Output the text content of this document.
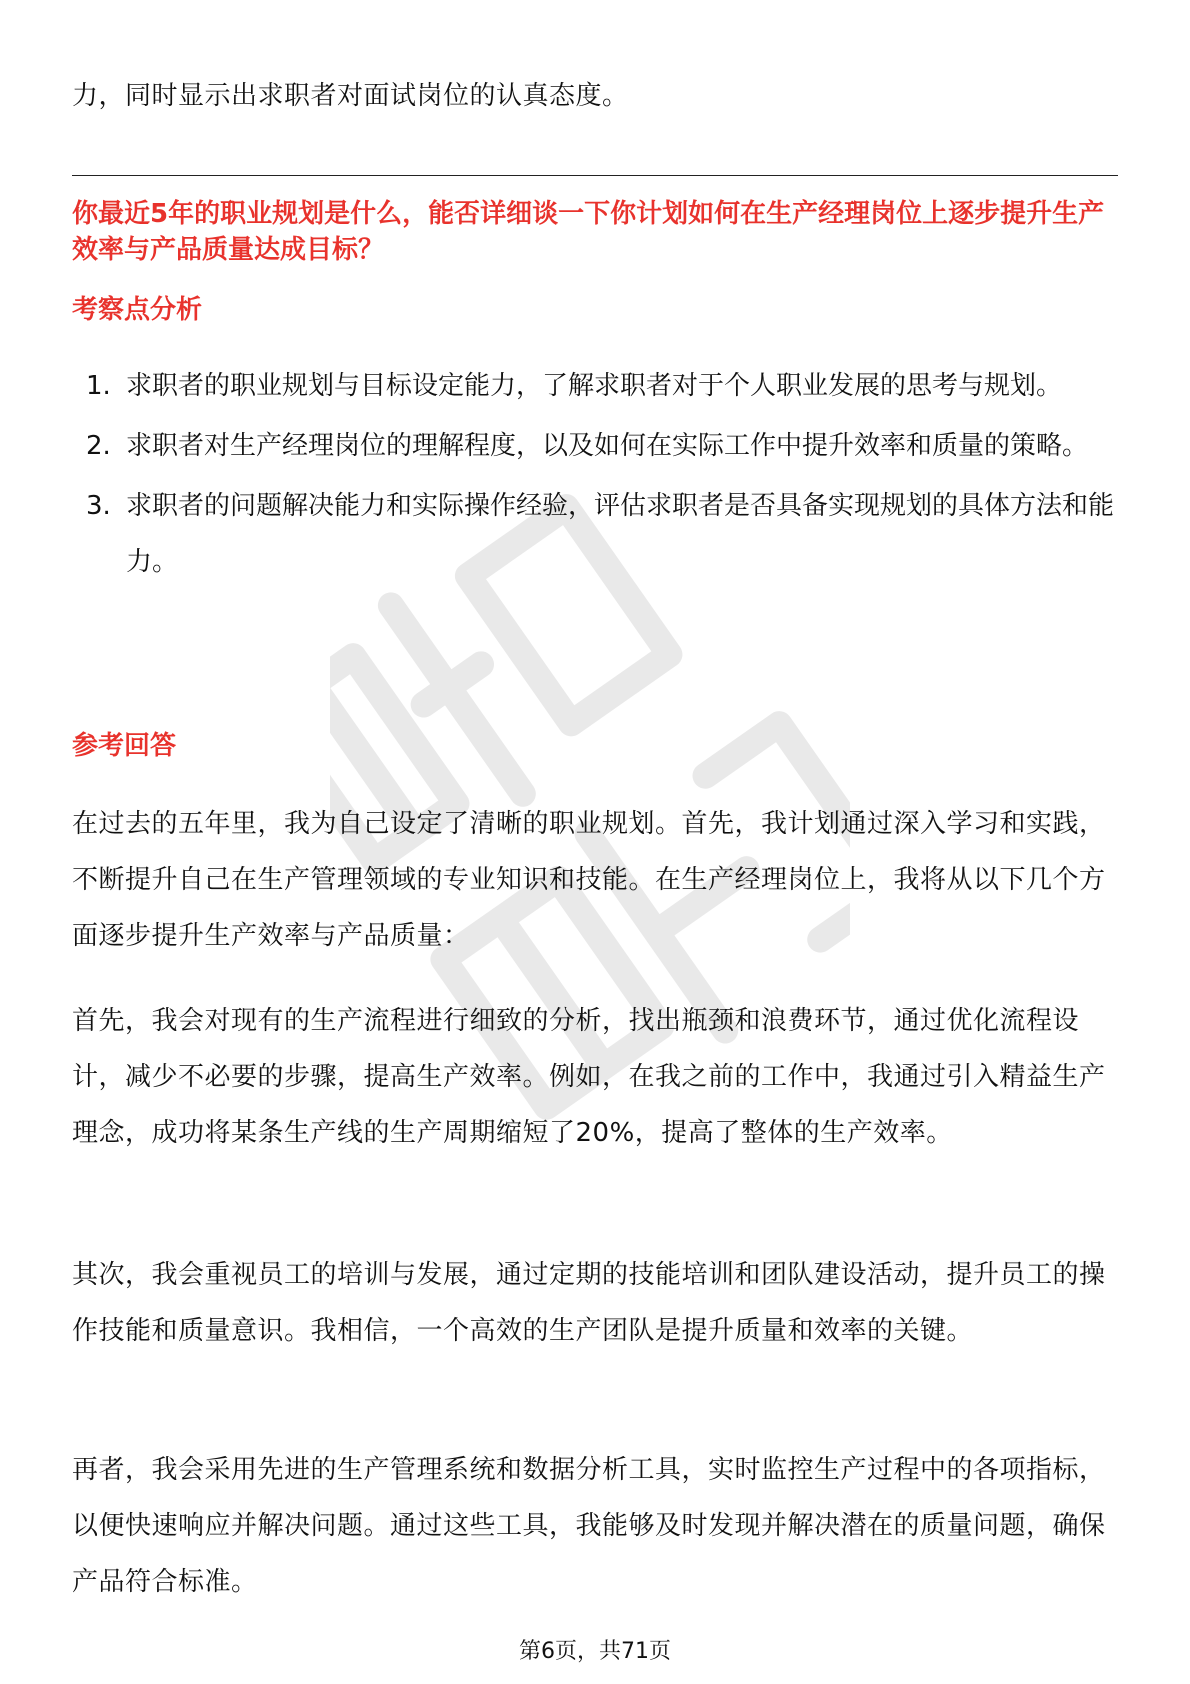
力，同时显示出求职者对面试岗位的认真态度。

你最近5年的职业规划是什么，能否详细谈一下你计划如何在生产经理岗位上逐步提升生产效率与产品质量达成目标？

考察点分析

1. 求职者的职业规划与目标设定能力，了解求职者对于个人职业发展的思考与规划。
2. 求职者对生产经理岗位的理解程度，以及如何在实际工作中提升效率和质量的策略。
3. 求职者的问题解决能力和实际操作经验，评估求职者是否具备实现规划的具体方法和能力。

参考回答

在过去的五年里，我为自己设定了清晰的职业规划。首先，我计划通过深入学习和实践，不断提升自己在生产管理领域的专业知识和技能。在生产经理岗位上，我将从以下几个方面逐步提升生产效率与产品质量：

首先，我会对现有的生产流程进行细致的分析，找出瓶颈和浪费环节，通过优化流程设计，减少不必要的步骤，提高生产效率。例如，在我之前的工作中，我通过引入精益生产理念，成功将某条生产线的生产周期缩短了20%，提高了整体的生产效率。

其次，我会重视员工的培训与发展，通过定期的技能培训和团队建设活动，提升员工的操作技能和质量意识。我相信，一个高效的生产团队是提升质量和效率的关键。

再者，我会采用先进的生产管理系统和数据分析工具，实时监控生产过程中的各项指标，以便快速响应并解决问题。通过这些工具，我能够及时发现并解决潜在的质量问题，确保产品符合标准。

第6页，共71页
